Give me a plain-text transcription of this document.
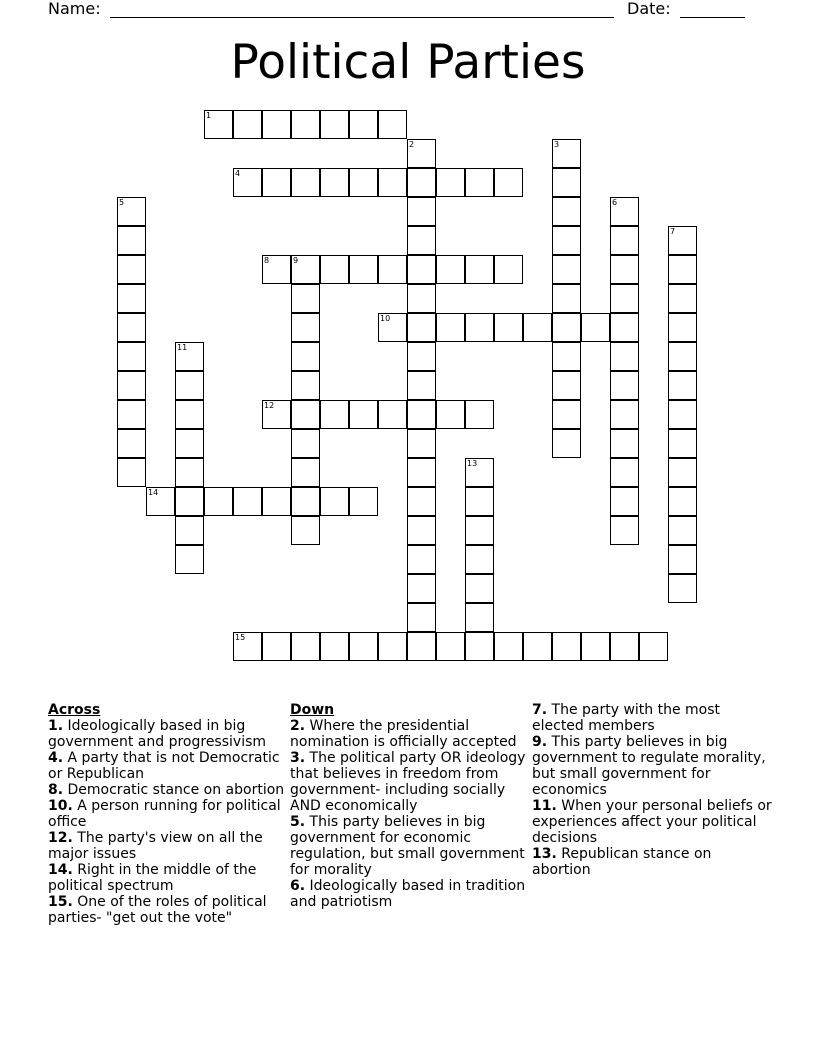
Name:	Date:
Political Parties
1
2	3
4
5	6
7
8	9
10
11
12
13
14
15
Across

1. Ideologically based in big government and progressivism

4. A party that is not Democratic or Republican

8. Democratic stance on abortion

10. A person running for political office

12. The party's view on all the major issues

14. Right in the middle of the political spectrum

15. One of the roles of political parties- "get out the vote"

Down

2. Where the presidential nomination is officially accepted

3. The political party OR ideology that believes in freedom from government- including socially AND economically

5. This party believes in big government for economic regulation, but small government for morality

6. Ideologically based in tradition and patriotism

7. The party with the most elected members

9. This party believes in big government to regulate morality, but small government for economics

11. When your personal beliefs or experiences affect your political decisions

13. Republican stance on abortion
